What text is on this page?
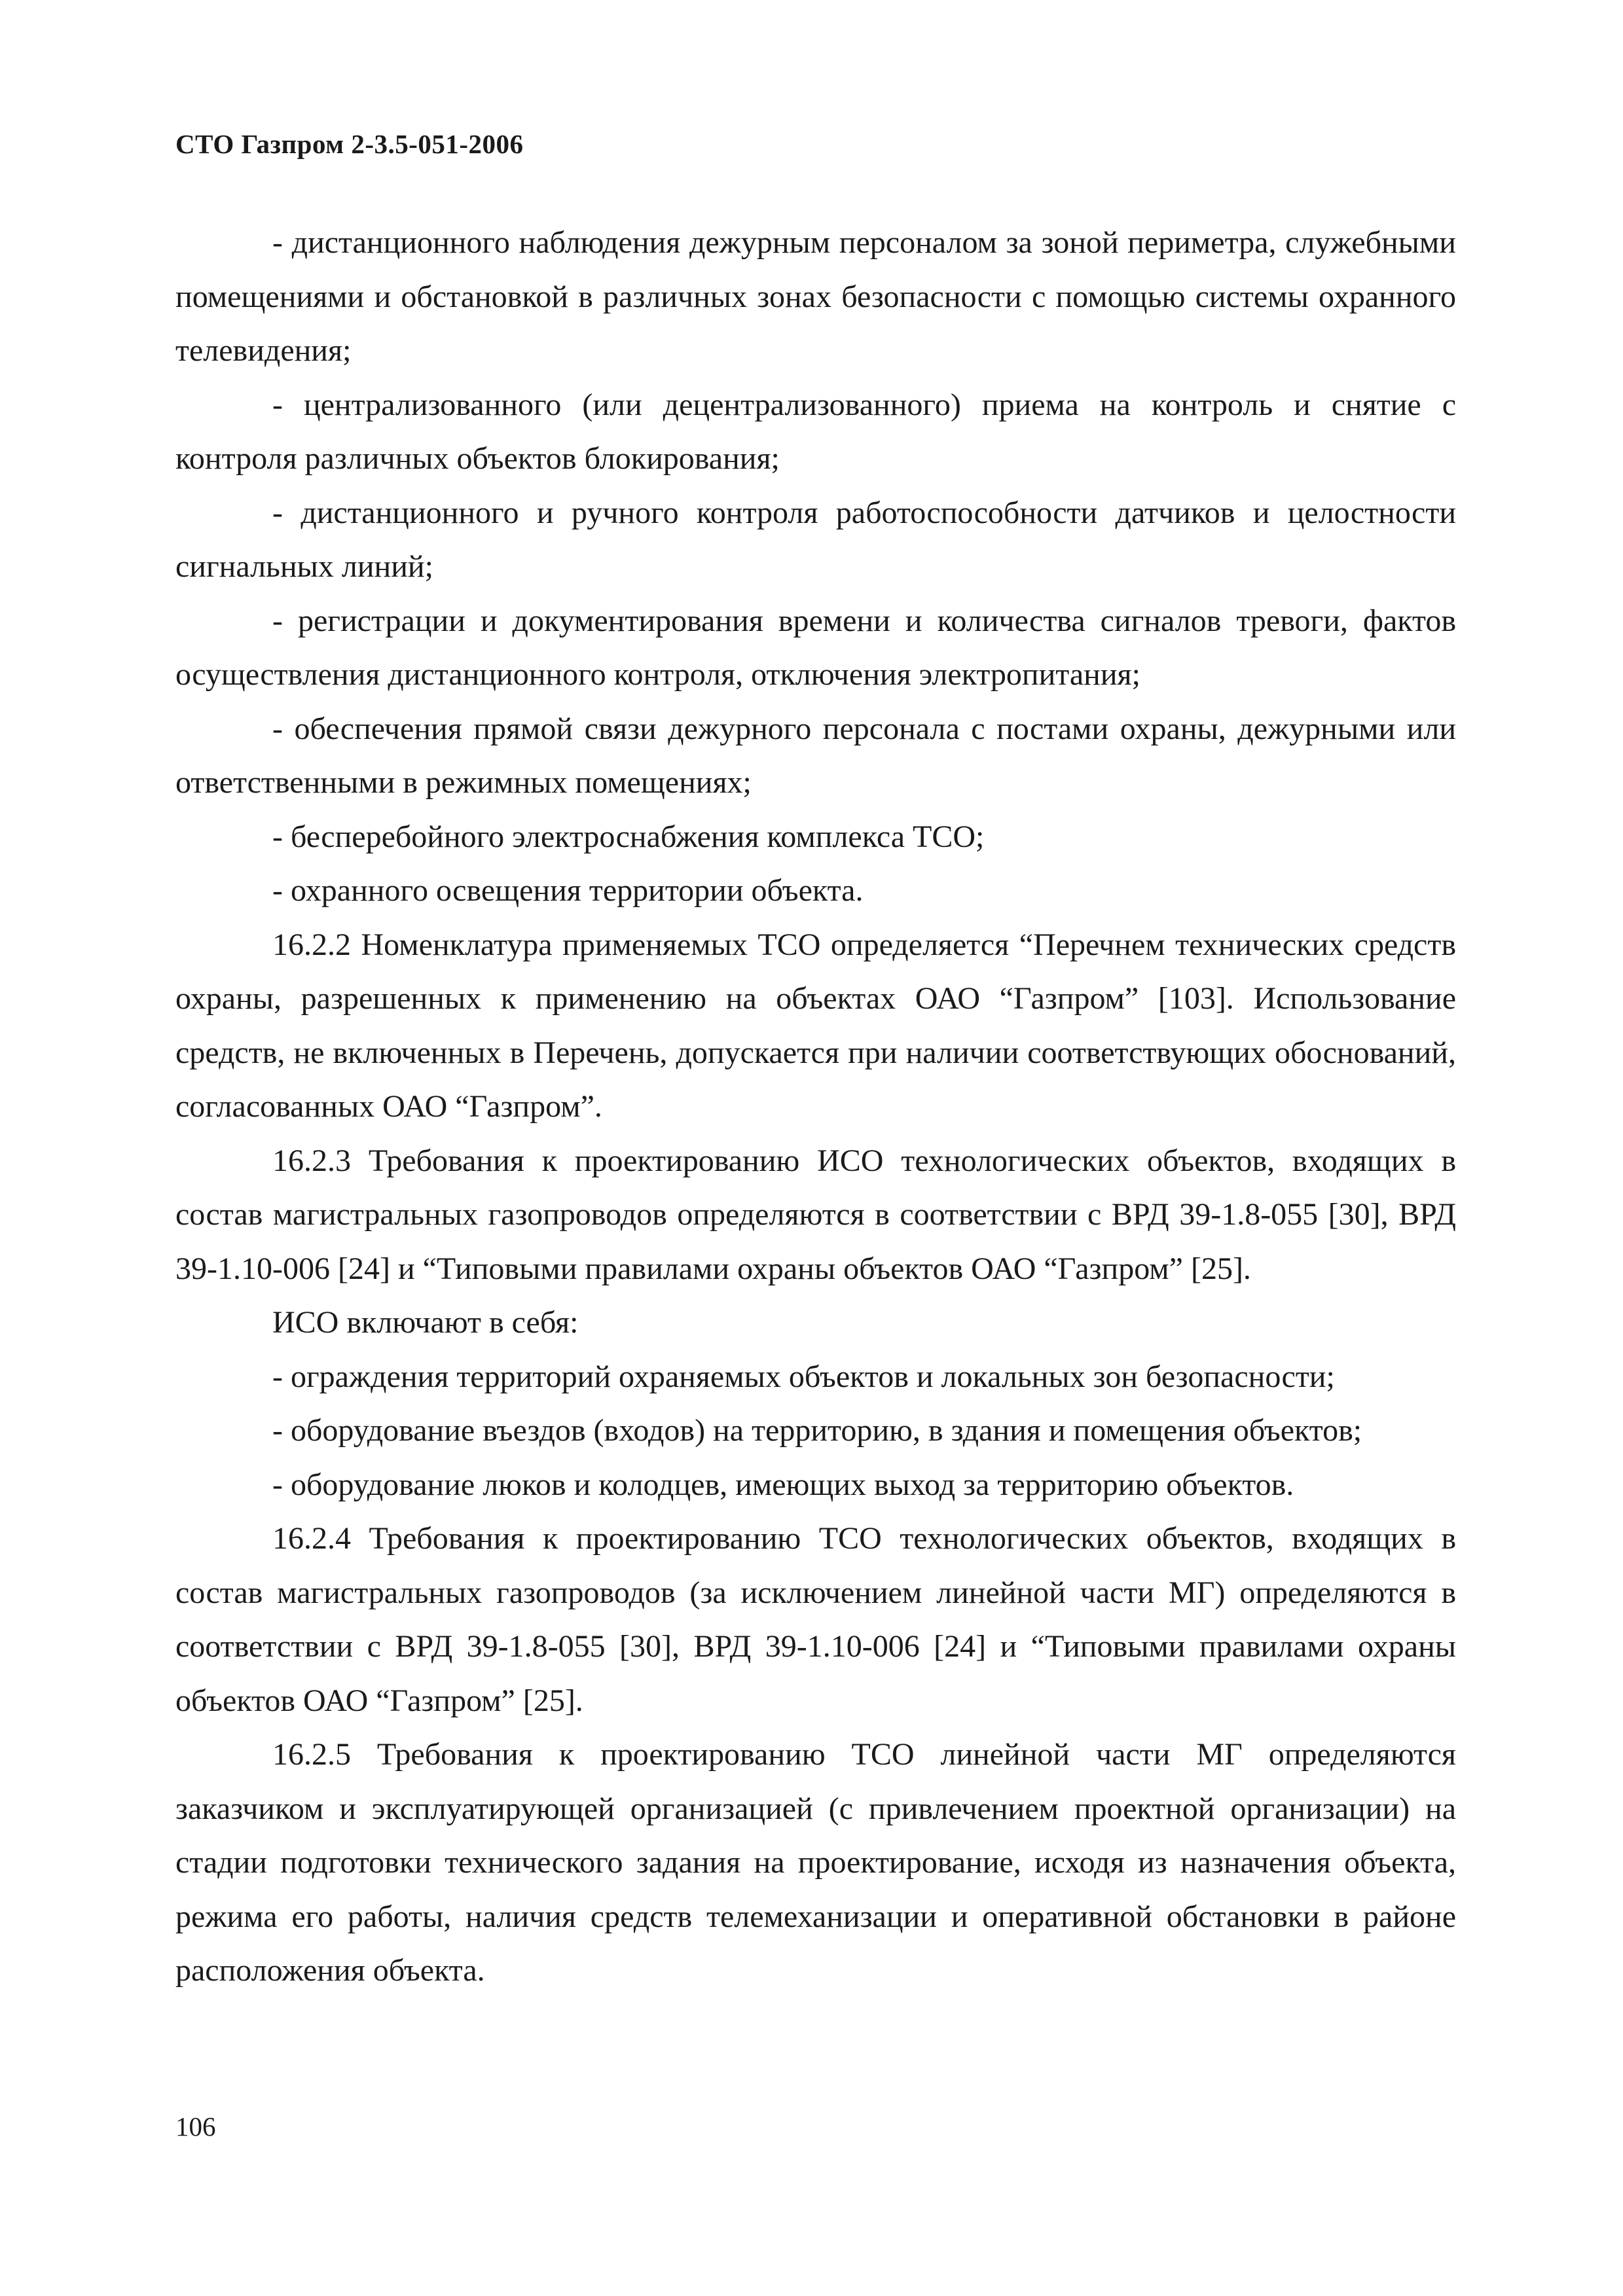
СТО Газпром 2-3.5-051-2006

- дистанционного наблюдения дежурным персоналом за зоной периметра, служебными помещениями и обстановкой в различных зонах безопасности с помощью системы охранного телевидения;

- централизованного (или децентрализованного) приема на контроль и снятие с контроля различных объектов блокирования;

- дистанционного и ручного контроля работоспособности датчиков и целостности сигнальных линий;

- регистрации и документирования времени и количества сигналов тревоги, фактов осуществления дистанционного контроля, отключения электропитания;

- обеспечения прямой связи дежурного персонала с постами охраны, дежурными или ответственными в режимных помещениях;

- бесперебойного электроснабжения комплекса ТСО;

- охранного освещения территории объекта.

16.2.2 Номенклатура применяемых ТСО определяется “Перечнем технических средств охраны, разрешенных к применению на объектах ОАО “Газпром” [103]. Использование средств, не включенных в Перечень, допускается при наличии соответствующих обоснований, согласованных ОАО “Газпром”.

16.2.3 Требования к проектированию ИСО технологических объектов, входящих в состав магистральных газопроводов определяются в соответствии с ВРД 39-1.8-055 [30], ВРД 39-1.10-006 [24] и “Типовыми правилами охраны объектов ОАО “Газпром” [25].

ИСО включают в себя:

- ограждения территорий охраняемых объектов и локальных зон безопасности;

- оборудование въездов (входов) на территорию, в здания и помещения объектов;

- оборудование люков и колодцев, имеющих выход за территорию объектов.

16.2.4 Требования к проектированию ТСО технологических объектов, входящих в состав магистральных газопроводов (за исключением линейной части МГ) определяются в соответствии с ВРД 39-1.8-055 [30], ВРД 39-1.10-006 [24] и “Типовыми правилами охраны объектов ОАО “Газпром” [25].

16.2.5 Требования к проектированию ТСО линейной части МГ определяются заказчиком и эксплуатирующей организацией (с привлечением проектной организации) на стадии подготовки технического задания на проектирование, исходя из назначения объекта, режима его работы, наличия средств телемеханизации и оперативной обстановки в районе расположения объекта.

106
